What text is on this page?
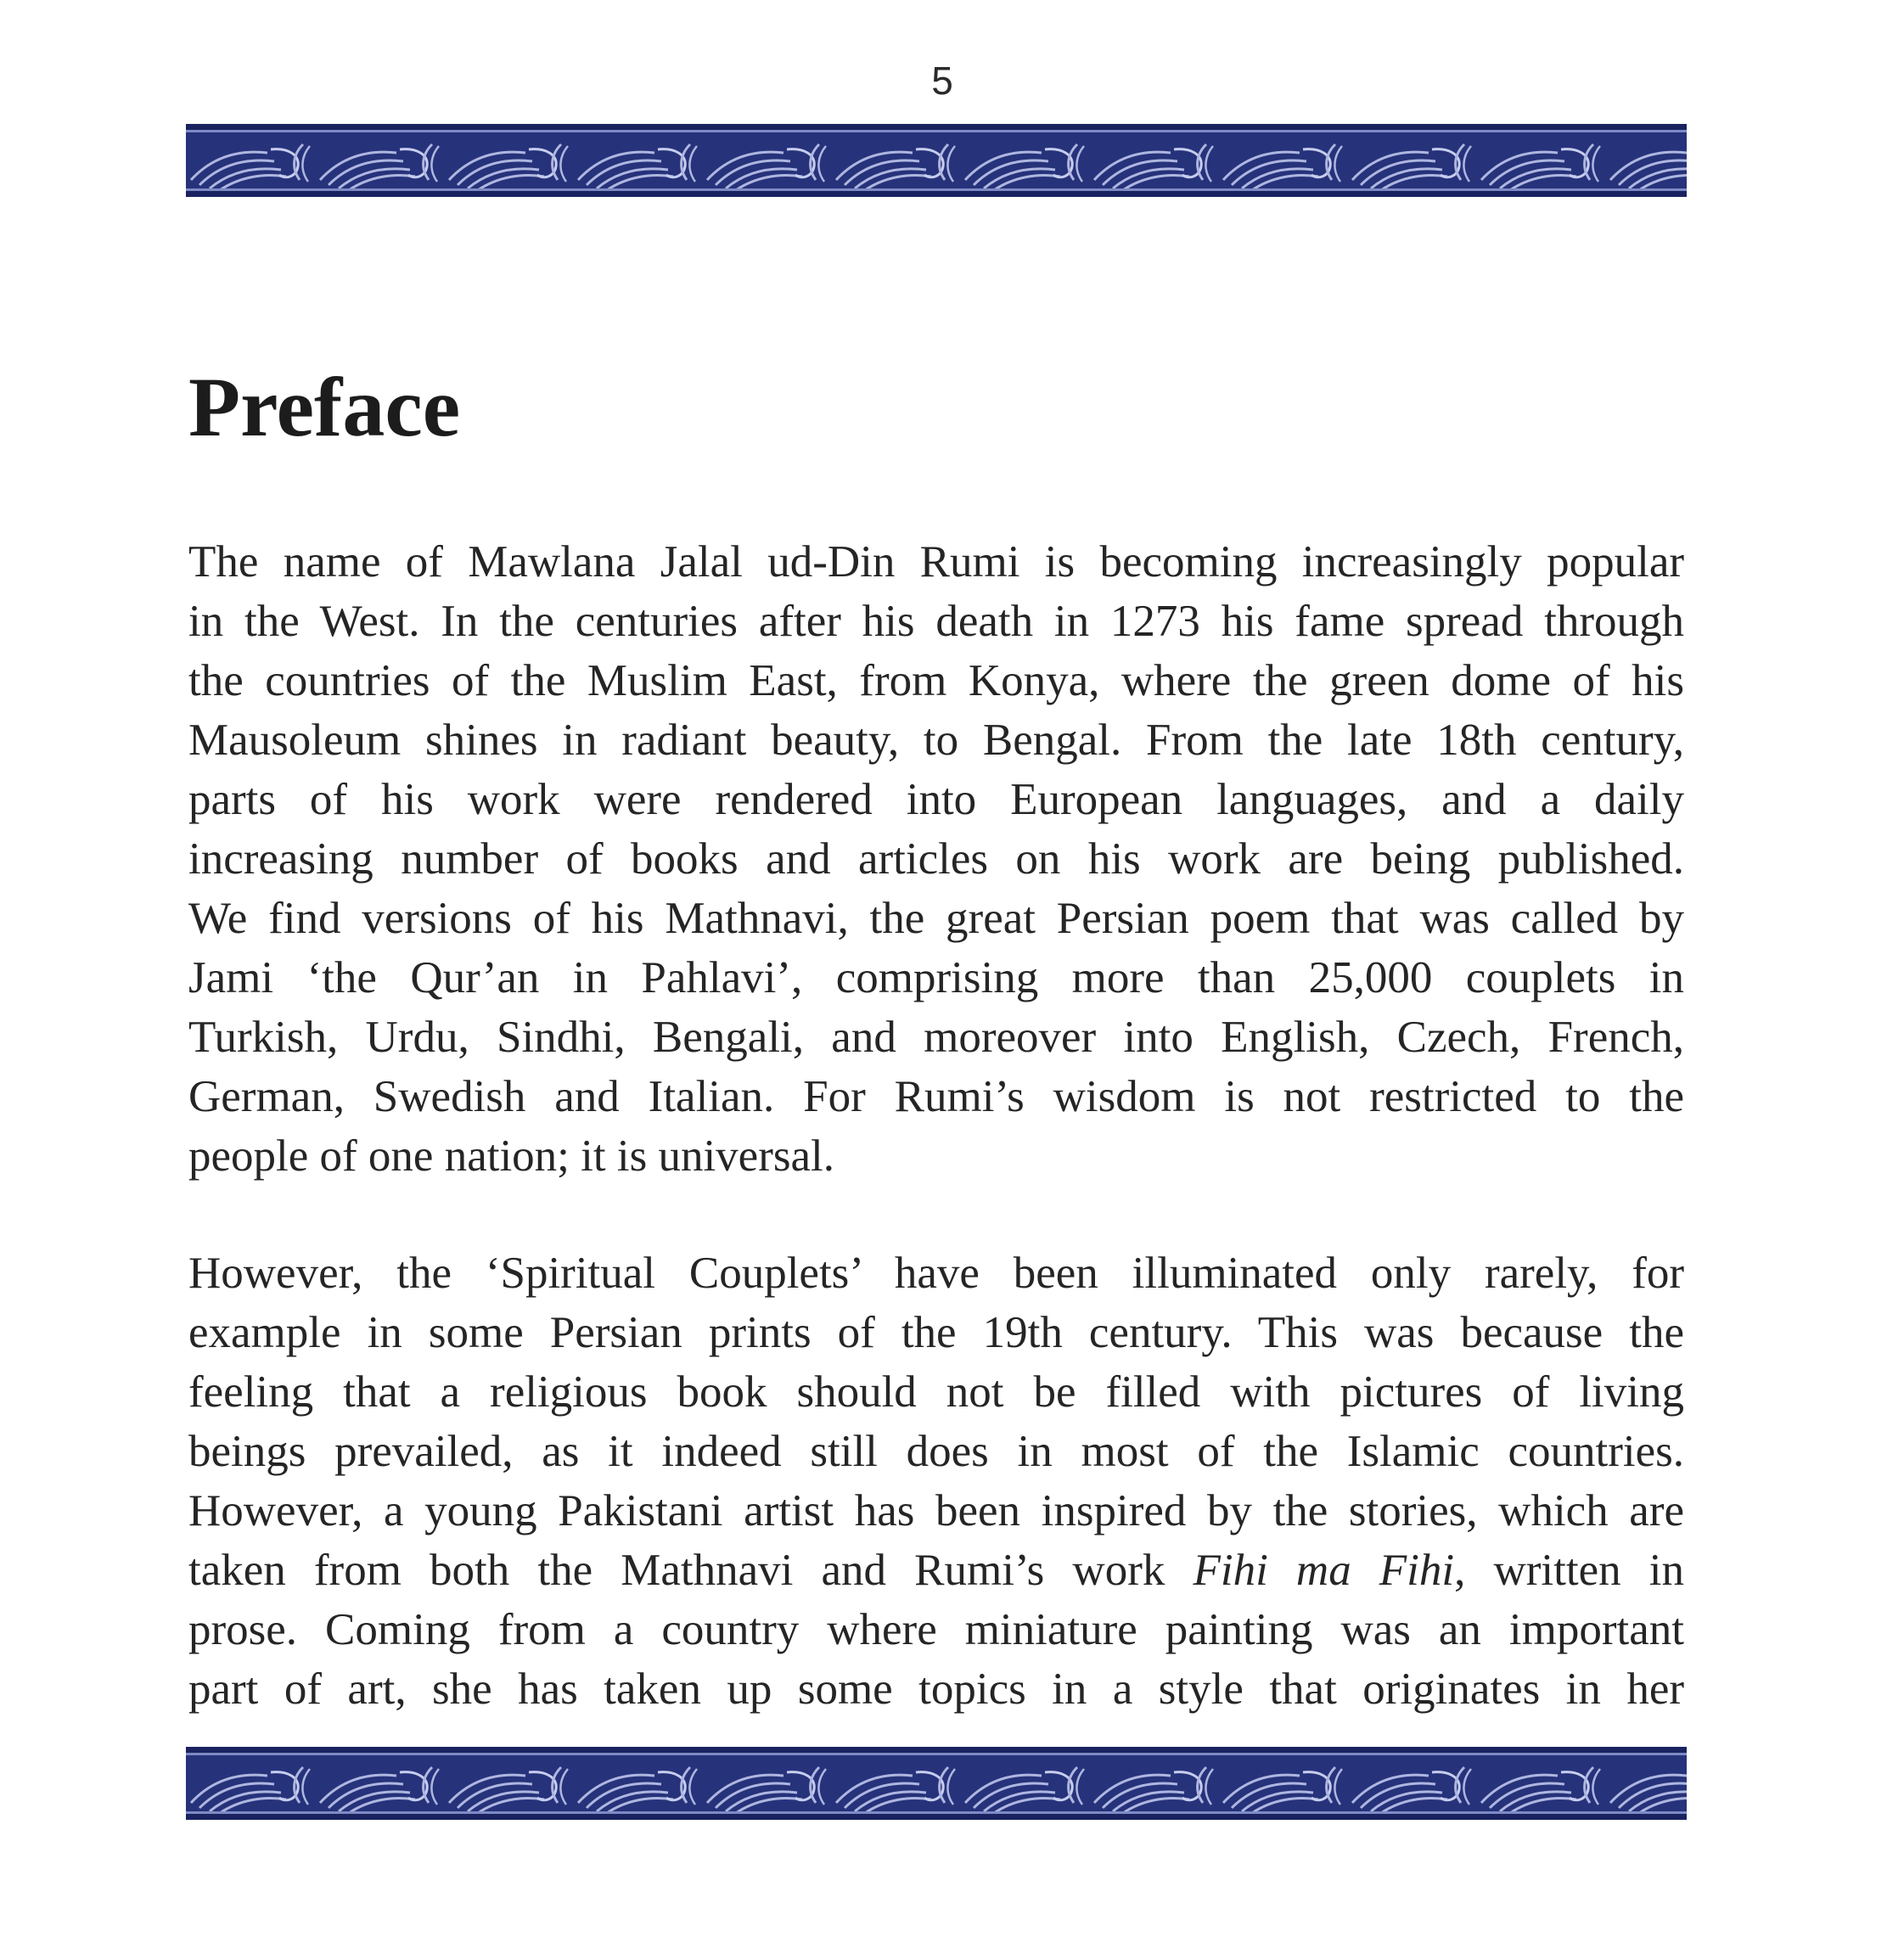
5
Preface

The name of Mawlana Jalal ud-Din Rumi is becoming increasingly popular
in the West. In the centuries after his death in 1273 his fame spread through
the countries of the Muslim East, from Konya, where the green dome of his
Mausoleum shines in radiant beauty, to Bengal. From the late 18th century,
parts of his work were rendered into European languages, and a daily
increasing number of books and articles on his work are being published.
We find versions of his Mathnavi, the great Persian poem that was called by
Jami ‘the Qur’an in Pahlavi’, comprising more than 25,000 couplets in
Turkish, Urdu, Sindhi, Bengali, and moreover into English, Czech, French,
German, Swedish and Italian. For Rumi’s wisdom is not restricted to the
people of one nation; it is universal.

However, the ‘Spiritual Couplets’ have been illuminated only rarely, for
example in some Persian prints of the 19th century. This was because the
feeling that a religious book should not be filled with pictures of living
beings prevailed, as it indeed still does in most of the Islamic countries.
However, a young Pakistani artist has been inspired by the stories, which are
taken from both the Mathnavi and Rumi’s work Fihi ma Fihi, written in
prose. Coming from a country where miniature painting was an important
part of art, she has taken up some topics in a style that originates in her
